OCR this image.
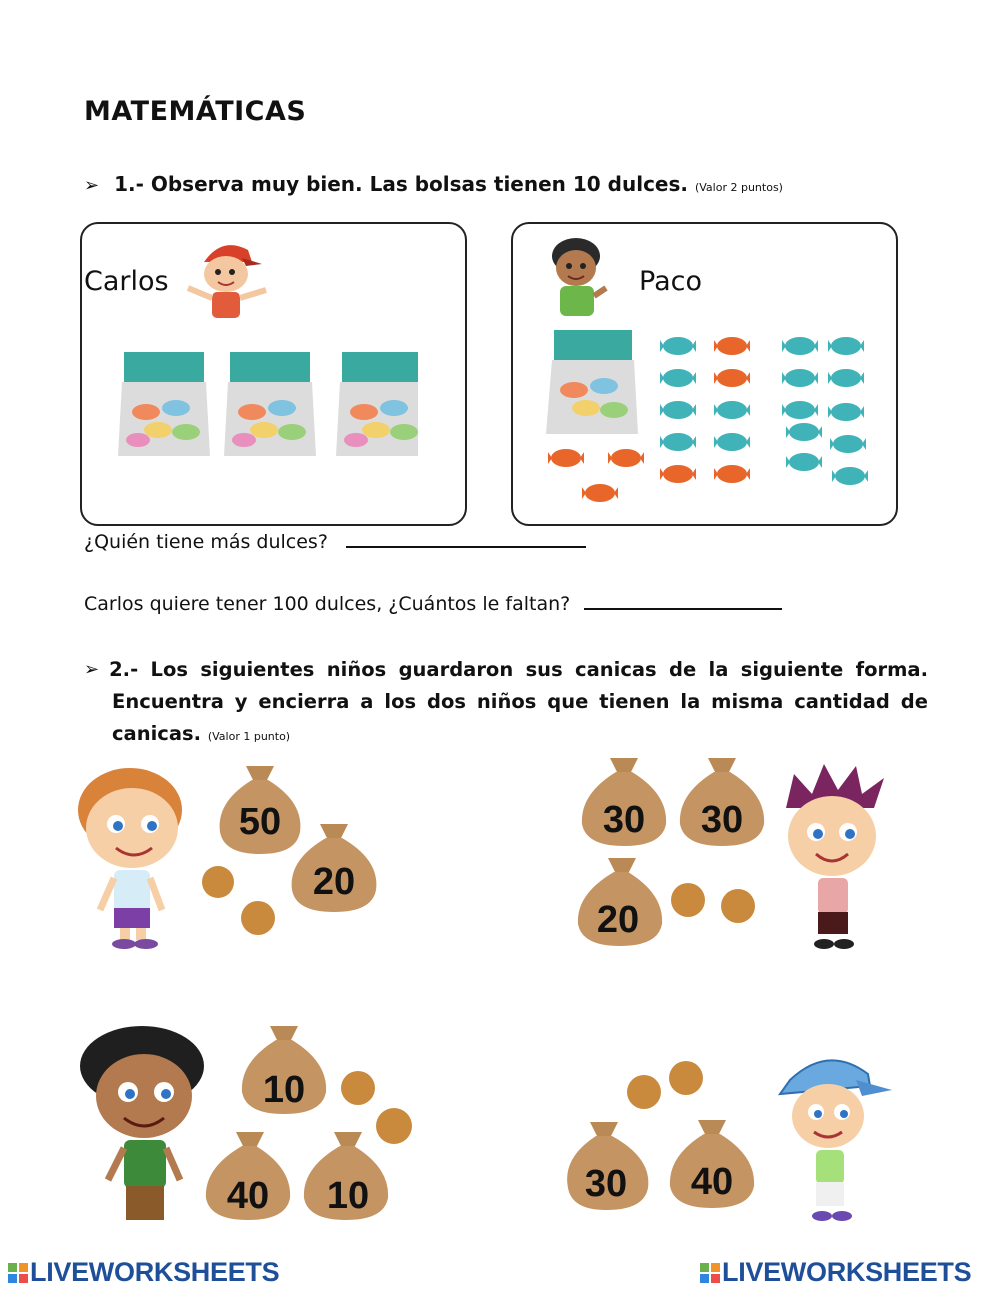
MATEMÁTICAS
➢ 1.- Observa muy bien. Las bolsas tienen 10 dulces. (Valor 2 puntos)
Carlos	Paco
¿Quién tiene más dulces?
Carlos quiere tener 100 dulces, ¿Cuántos le faltan?
➢ 2.- Los siguientes niños guardaron sus canicas de la siguiente forma.
Encuentra y encierra a los dos niños que tienen la misma cantidad de
canicas. (Valor 1 punto)
50
20
30 30
20
10
40 10	30 40
LIVEWORKSHEETS	LIVEWORKSHEETS
